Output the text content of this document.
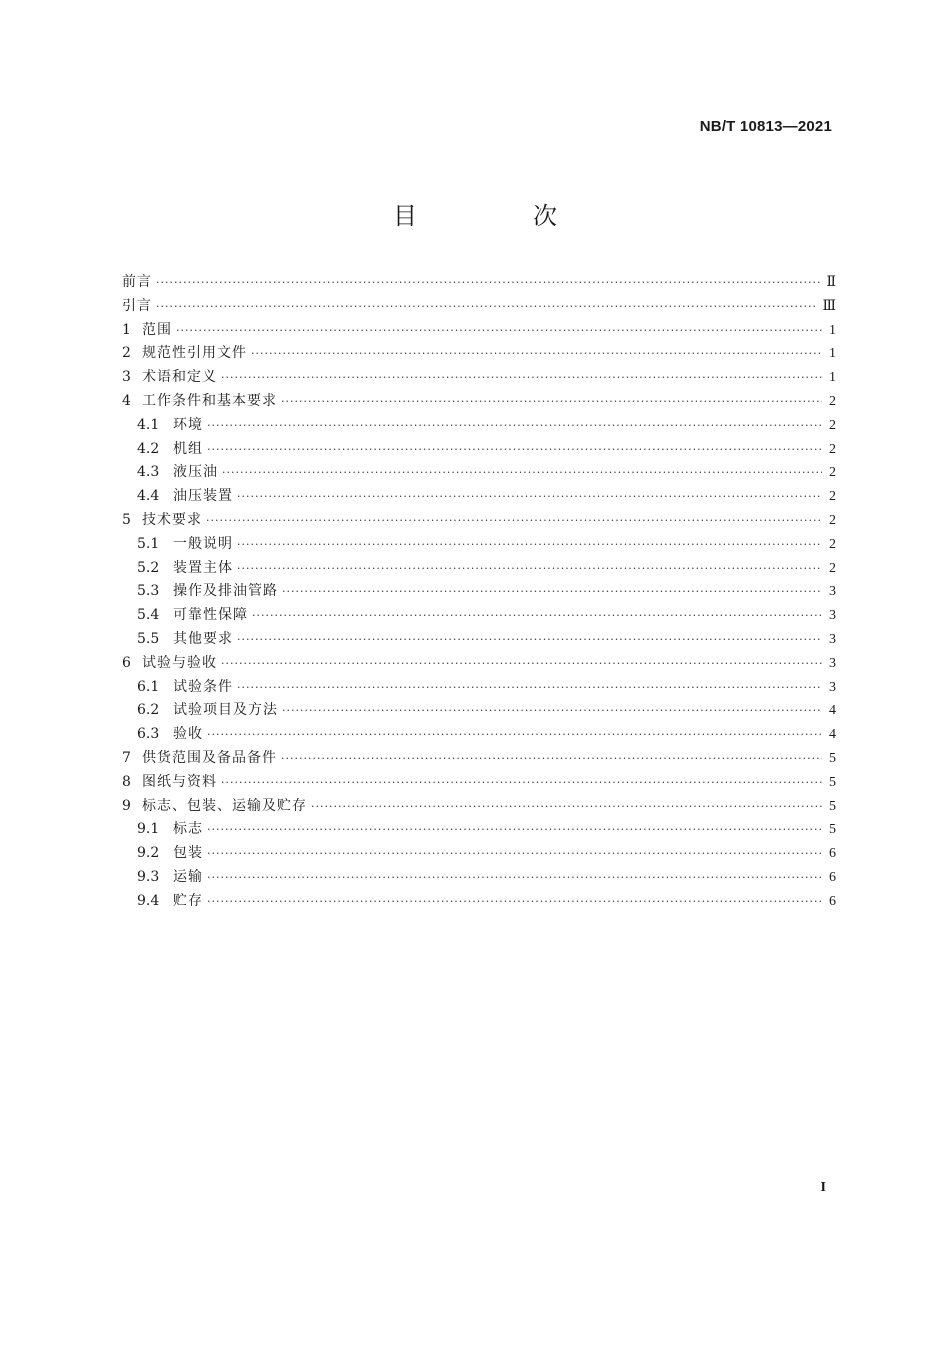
NB/T 10813—2021
目　次
前言 ·····	Ⅱ
引言 ·····	Ⅲ
1 范围 ·····	1
2 规范性引用文件 ·····	1
3 术语和定义 ·····	1
4 工作条件和基本要求 ·····	2
4.1 环境 ·····	2
4.2 机组 ·····	2
4.3 液压油 ·····	2
4.4 油压装置 ·····	2
5 技术要求 ·····	2
5.1 一般说明 ·····	2
5.2 装置主体 ·····	2
5.3 操作及排油管路 ·····	3
5.4 可靠性保障 ·····	3
5.5 其他要求 ·····	3
6 试验与验收 ·····	3
6.1 试验条件 ·····	3
6.2 试验项目及方法 ·····	4
6.3 验收 ·····	4
7 供货范围及备品备件 ·····	5
8 图纸与资料 ·····	5
9 标志、包装、运输及贮存 ·····	5
9.1 标志 ·····	5
9.2 包装 ·····	6
9.3 运输 ·····	6
9.4 贮存 ·····	6
I
